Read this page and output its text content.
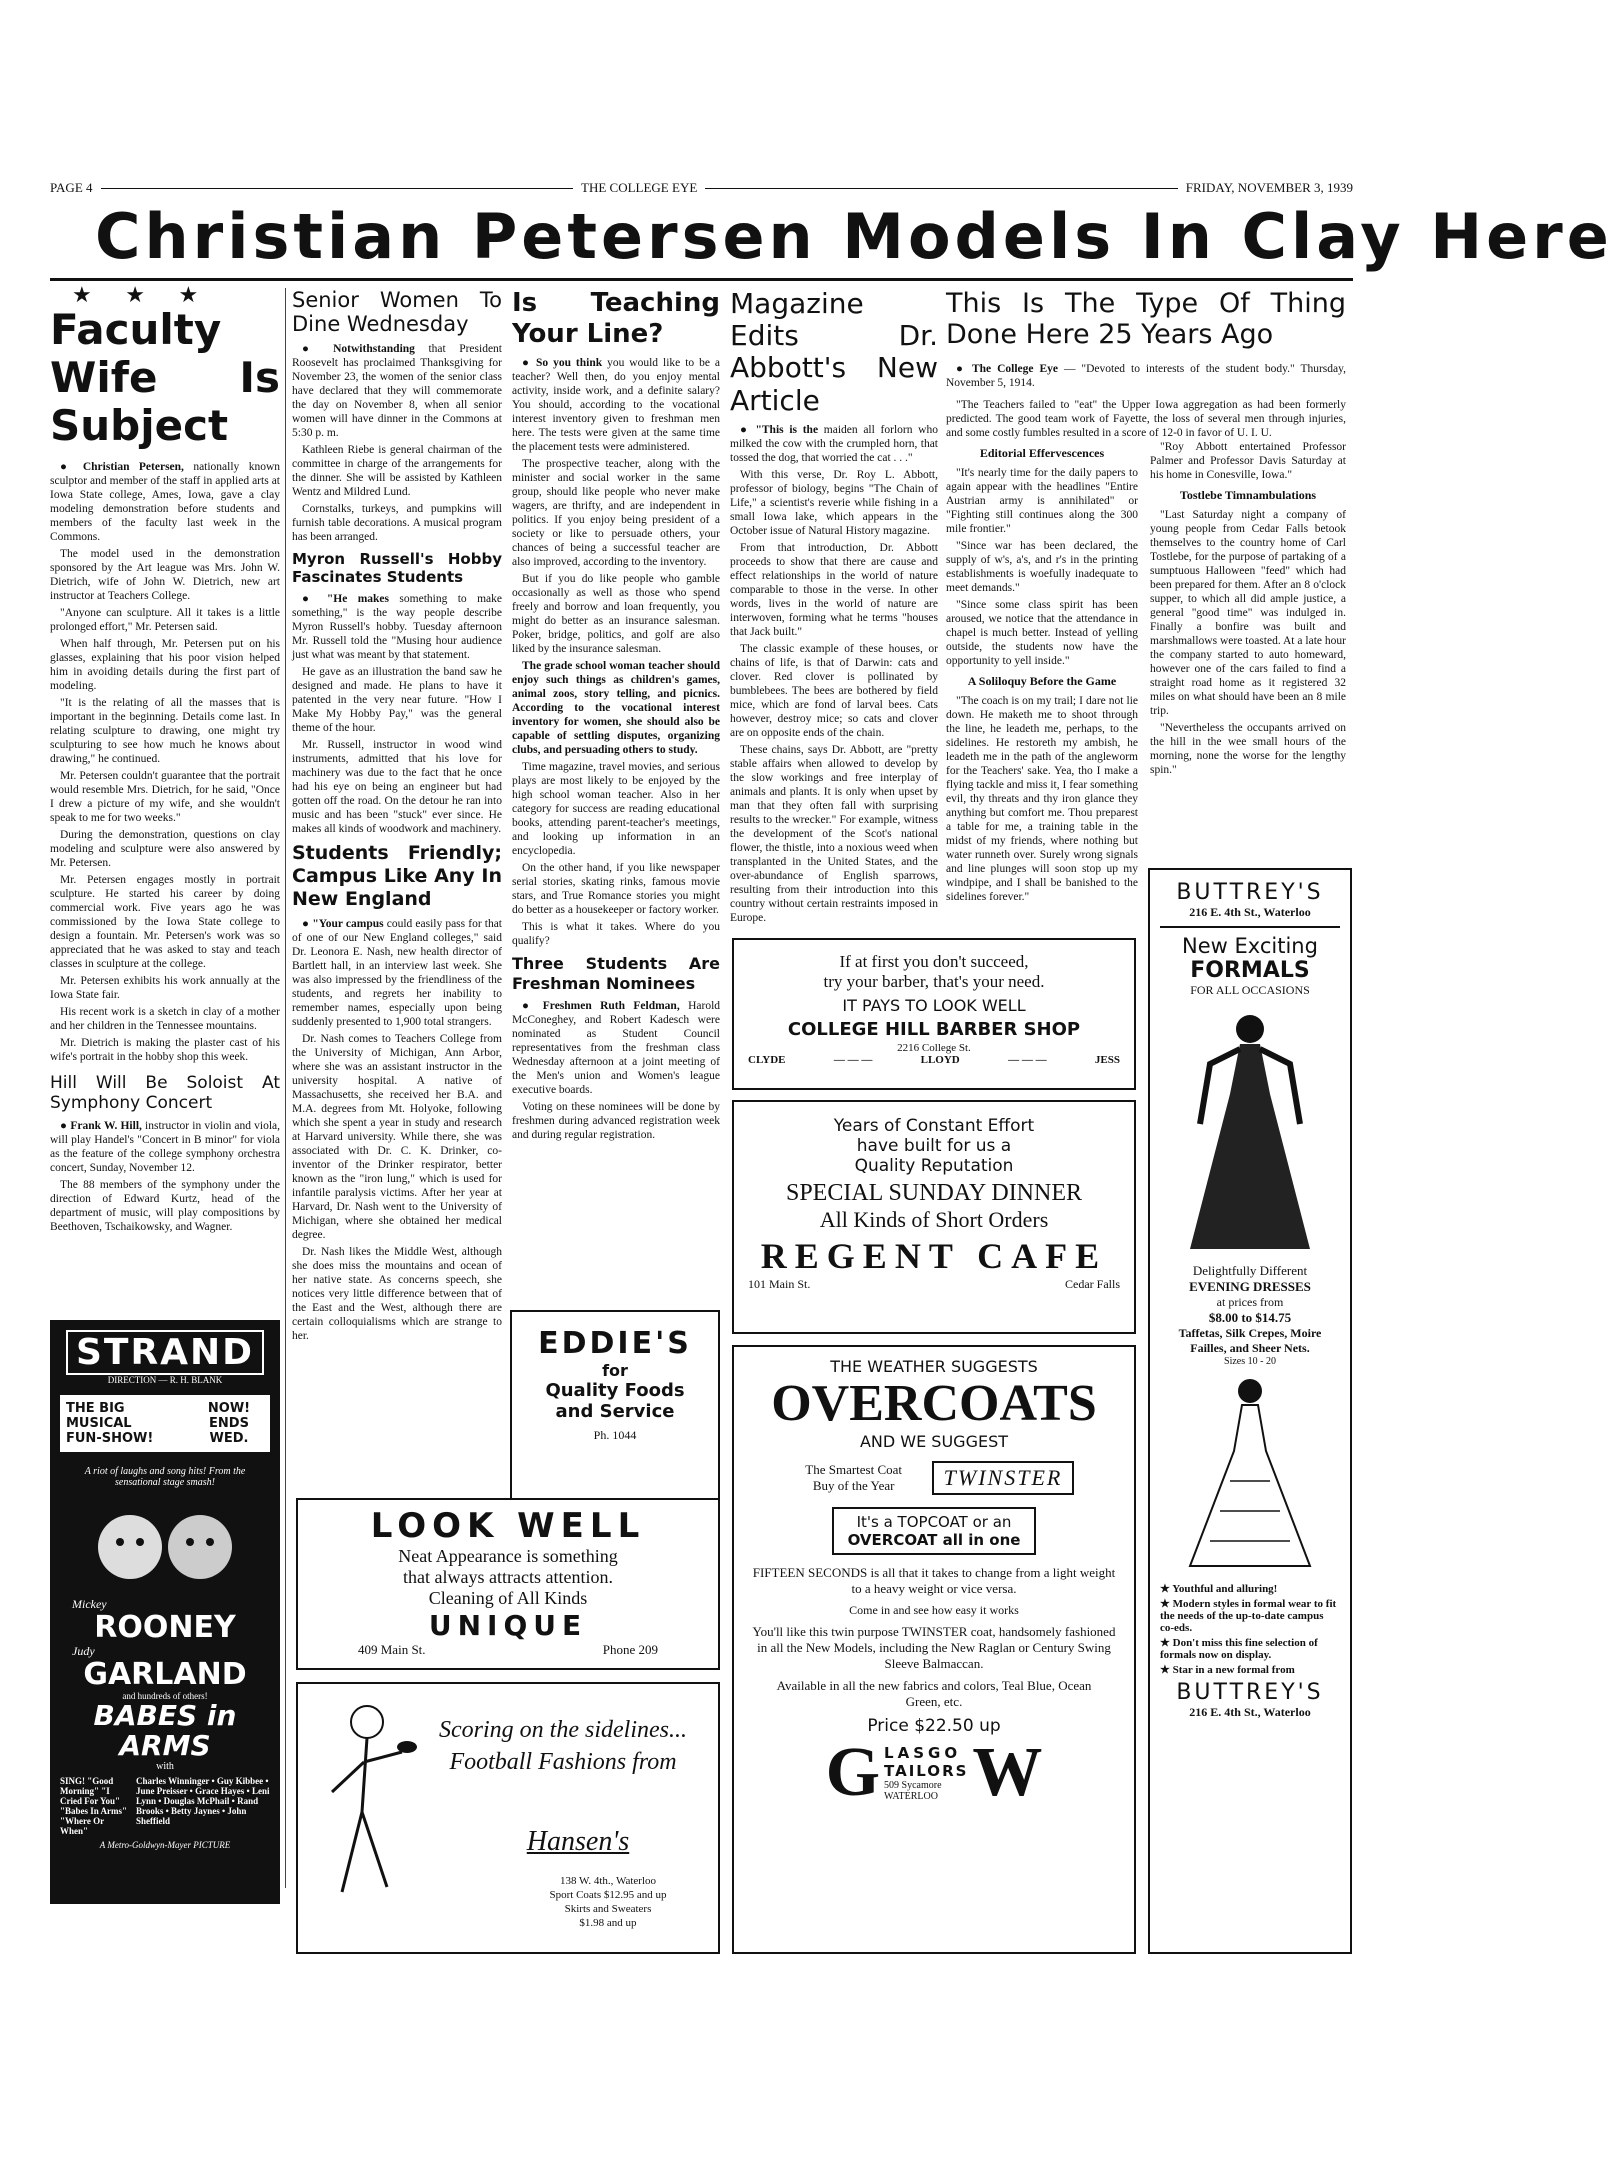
PAGE 4	THE COLLEGE EYE	FRIDAY, NOVEMBER 3, 1939
Christian Petersen Models In Clay Here
★ ★ ★
Faculty Wife Is Subject

● Christian Petersen, nationally known sculptor and member of the staff in applied arts at Iowa State college, Ames, Iowa, gave a clay modeling demonstration before students and members of the faculty last week in the Commons.

The model used in the demonstration sponsored by the Art league was Mrs. John W. Dietrich, wife of John W. Dietrich, new art instructor at Teachers College.

"Anyone can sculpture. All it takes is a little prolonged effort," Mr. Petersen said.

When half through, Mr. Petersen put on his glasses, explaining that his poor vision helped him in avoiding details during the first part of modeling.

"It is the relating of all the masses that is important in the beginning. Details come last. In relating sculpture to drawing, one might try sculpturing to see how much he knows about drawing," he continued.

Mr. Petersen couldn't guarantee that the portrait would resemble Mrs. Dietrich, for he said, "Once I drew a picture of my wife, and she wouldn't speak to me for two weeks."

During the demonstration, questions on clay modeling and sculpture were also answered by Mr. Petersen.

Mr. Petersen engages mostly in portrait sculpture. He started his career by doing commercial work. Five years ago he was commissioned by the Iowa State college to design a fountain. Mr. Petersen's work was so appreciated that he was asked to stay and teach classes in sculpture at the college.

Mr. Petersen exhibits his work annually at the Iowa State fair.

His recent work is a sketch in clay of a mother and her children in the Tennessee mountains.

Mr. Dietrich is making the plaster cast of his wife's portrait in the hobby shop this week.

Hill Will Be Soloist At Symphony Concert

● Frank W. Hill, instructor in violin and viola, will play Handel's "Concert in B minor" for viola as the feature of the college symphony orchestra concert, Sunday, November 12.

The 88 members of the symphony under the direction of Edward Kurtz, head of the department of music, will play compositions by Beethoven, Tschaikowsky, and Wagner.

Senior Women To Dine Wednesday

● Notwithstanding that President Roosevelt has proclaimed Thanksgiving for November 23, the women of the senior class have declared that they will commemorate the day on November 8, when all senior women will have dinner in the Commons at 5:30 p. m.

Kathleen Riebe is general chairman of the committee in charge of the arrangements for the dinner. She will be assisted by Kathleen Wentz and Mildred Lund.

Cornstalks, turkeys, and pumpkins will furnish table decorations. A musical program has been arranged.

Myron Russell's Hobby Fascinates Students

● "He makes something to make something," is the way people describe Myron Russell's hobby. Tuesday afternoon Mr. Russell told the "Musing hour audience just what was meant by that statement.

He gave as an illustration the band saw he designed and made. He plans to have it patented in the very near future. "How I Make My Hobby Pay," was the general theme of the hour.

Mr. Russell, instructor in wood wind instruments, admitted that his love for machinery was due to the fact that he once had his eye on being an engineer but had gotten off the road. On the detour he ran into music and has been "stuck" ever since. He makes all kinds of woodwork and machinery.

Students Friendly; Campus Like Any In New England

● "Your campus could easily pass for that of one of our New England colleges," said Dr. Leonora E. Nash, new health director of Bartlett hall, in an interview last week. She was also impressed by the friendliness of the students, and regrets her inability to remember names, especially upon being suddenly presented to 1,900 total strangers.

Dr. Nash comes to Teachers College from the University of Michigan, Ann Arbor, where she was an assistant instructor in the university hospital. A native of Massachusetts, she received her B.A. and M.A. degrees from Mt. Holyoke, following which she spent a year in study and research at Harvard university. While there, she was associated with Dr. C. K. Drinker, co-inventor of the Drinker respirator, better known as the "iron lung," which is used for infantile paralysis victims. After her year at Harvard, Dr. Nash went to the University of Michigan, where she obtained her medical degree.

Dr. Nash likes the Middle West, although she does miss the mountains and ocean of her native state. As concerns speech, she notices very little difference between that of the East and the West, although there are certain colloquialisms which are strange to her.

Is Teaching Your Line?

● So you think you would like to be a teacher? Well then, do you enjoy mental activity, inside work, and a definite salary? You should, according to the vocational interest inventory given to freshman men here. The tests were given at the same time the placement tests were administered.

The prospective teacher, along with the minister and social worker in the same group, should like people who never make wagers, are thrifty, and are independent in politics. If you enjoy being president of a society or like to persuade others, your chances of being a successful teacher are also improved, according to the inventory.

But if you do like people who gamble occasionally as well as those who spend freely and borrow and loan frequently, you might do better as an insurance salesman. Poker, bridge, politics, and golf are also liked by the insurance salesman.

The grade school woman teacher should enjoy such things as children's games, animal zoos, story telling, and picnics. According to the vocational interest inventory for women, she should also be capable of settling disputes, organizing clubs, and persuading others to study.

Time magazine, travel movies, and serious plays are most likely to be enjoyed by the high school woman teacher. Also in her category for success are reading educational books, attending parent-teacher's meetings, and looking up information in an encyclopedia.

On the other hand, if you like newspaper serial stories, skating rinks, famous movie stars, and True Romance stories you might do better as a housekeeper or factory worker.

This is what it takes. Where do you qualify?

Three Students Are Freshman Nominees

● Freshmen Ruth Feldman, Harold McConeghey, and Robert Kadesch were nominated as Student Council representatives from the freshman class Wednesday afternoon at a joint meeting of the Men's union and Women's league executive boards.

Voting on these nominees will be done by freshmen during advanced registration week and during regular registration.

Magazine Edits Dr. Abbott's New Article

● "This is the maiden all forlorn who milked the cow with the crumpled horn, that tossed the dog, that worried the cat . . ."

With this verse, Dr. Roy L. Abbott, professor of biology, begins "The Chain of Life," a scientist's reverie while fishing in a small Iowa lake, which appears in the October issue of Natural History magazine.

From that introduction, Dr. Abbott proceeds to show that there are cause and effect relationships in the world of nature comparable to those in the verse. In other words, lives in the world of nature are interwoven, forming what he terms "houses that Jack built."

The classic example of these houses, or chains of life, is that of Darwin: cats and clover. Red clover is pollinated by bumblebees. The bees are bothered by field mice, which are fond of larval bees. Cats however, destroy mice; so cats and clover are on opposite ends of the chain.

These chains, says Dr. Abbott, are "pretty stable affairs when allowed to develop by the slow workings and free interplay of animals and plants. It is only when upset by man that they often fall with surprising results to the wrecker." For example, witness the development of the Scot's national flower, the thistle, into a noxious weed when transplanted in the United States, and the over-abundance of English sparrows, resulting from their introduction into this country without certain restraints imposed in Europe.

This Is The Type Of Thing Done Here 25 Years Ago

● The College Eye — "Devoted to interests of the student body." Thursday, November 5, 1914.

"The Teachers failed to "eat" the Upper Iowa aggregation as had been formerly predicted. The good team work of Fayette, the loss of several men through injuries, and some costly fumbles resulted in a score of 12-0 in favor of U. I. U.

Editorial Effervescences

"It's nearly time for the daily papers to again appear with the headlines "Entire Austrian army is annihilated" or "Fighting still continues along the 300 mile frontier."

"Since war has been declared, the supply of w's, a's, and r's in the printing establishments is woefully inadequate to meet demands."

"Since some class spirit has been aroused, we notice that the attendance in chapel is much better. Instead of yelling outside, the students now have the opportunity to yell inside."

A Soliloquy Before the Game

"The coach is on my trail; I dare not lie down. He maketh me to shoot through the line, he leadeth me, perhaps, to the sidelines. He restoreth my ambish, he leadeth me in the path of the angleworm for the Teachers' sake. Yea, tho I make a flying tackle and miss it, I fear something evil, thy threats and thy iron glance they anything but comfort me. Thou preparest a table for me, a training table in the midst of my friends, where nothing but water runneth over. Surely wrong signals and line plunges will soon stop up my windpipe, and I shall be banished to the sidelines forever."

"Roy Abbott entertained Professor Palmer and Professor Davis Saturday at his home in Conesville, Iowa."

Tostlebe Timnambulations

"Last Saturday night a company of young people from Cedar Falls betook themselves to the country home of Carl Tostlebe, for the purpose of partaking of a sumptuous Halloween "feed" which had been prepared for them. After an 8 o'clock supper, to which all did ample justice, a general "good time" was indulged in. Finally a bonfire was built and marshmallows were toasted. At a late hour the company started to auto homeward, however one of the cars failed to find a straight road home as it registered 32 miles on what should have been an 8 mile trip.

"Nevertheless the occupants arrived on the hill in the wee small hours of the morning, none the worse for the lengthy spin."

STRAND
DIRECTION — R. H. BLANK
THE BIG MUSICAL FUN-SHOW!
NOW! ENDS WED.
A riot of laughs and song hits! From the sensational stage smash!
Mickey
ROONEY
Judy
GARLAND
and hundreds of others!
BABES in ARMS
with
SING! "Good Morning" "I Cried For You" "Babes In Arms" "Where Or When"
Charles Winninger • Guy Kibbee • June Preisser • Grace Hayes • Leni Lynn • Douglas McPhail • Rand Brooks • Betty Jaynes • John Sheffield
A Metro-Goldwyn-Mayer PICTURE
EDDIE'S
for
Quality Foods
and Service
Ph. 1044
LOOK WELL
Neat Appearance is something
that always attracts attention.
Cleaning of All Kinds
UNIQUE
409 Main St.	Phone 209
Scoring on the sidelines... Football Fashions from
Hansen's
138 W. 4th., Waterloo
Sport Coats $12.95 and up
Skirts and Sweaters
$1.98 and up
If at first you don't succeed,
try your barber, that's your need.
IT PAYS TO LOOK WELL
COLLEGE HILL BARBER SHOP
2216 College St.
CLYDE	— — —	LLOYD	— — —	JESS
Years of Constant Effort
have built for us a
Quality Reputation
SPECIAL SUNDAY DINNER
All Kinds of Short Orders
REGENT CAFE
101 Main St.	Cedar Falls
THE WEATHER SUGGESTS
OVERCOATS
AND WE SUGGEST
The Smartest Coat Buy of the Year	TWINSTER
It's a TOPCOAT or an
OVERCOAT all in one
FIFTEEN SECONDS is all that it takes to change from a light weight to a heavy weight or vice versa.
Come in and see how easy it works
You'll like this twin purpose TWINSTER coat, handsomely fashioned in all the New Models, including the New Raglan or Century Swing Sleeve Balmaccan.
Available in all the new fabrics and colors, Teal Blue, Ocean Green, etc.
Price $22.50 up
G LASGO
TAILORS
509 Sycamore
WATERLOO W
BUTTREY'S
216 E. 4th St., Waterloo
New Exciting
FORMALS
FOR ALL OCCASIONS
Delightfully Different
EVENING DRESSES
at prices from
$8.00 to $14.75
Taffetas, Silk Crepes, Moire Failles, and Sheer Nets.
Sizes 10 - 20
★ Youthful and alluring!
★ Modern styles in formal wear to fit the needs of the up-to-date campus co-eds.
★ Don't miss this fine selection of formals now on display.
★ Star in a new formal from
BUTTREY'S
216 E. 4th St., Waterloo
